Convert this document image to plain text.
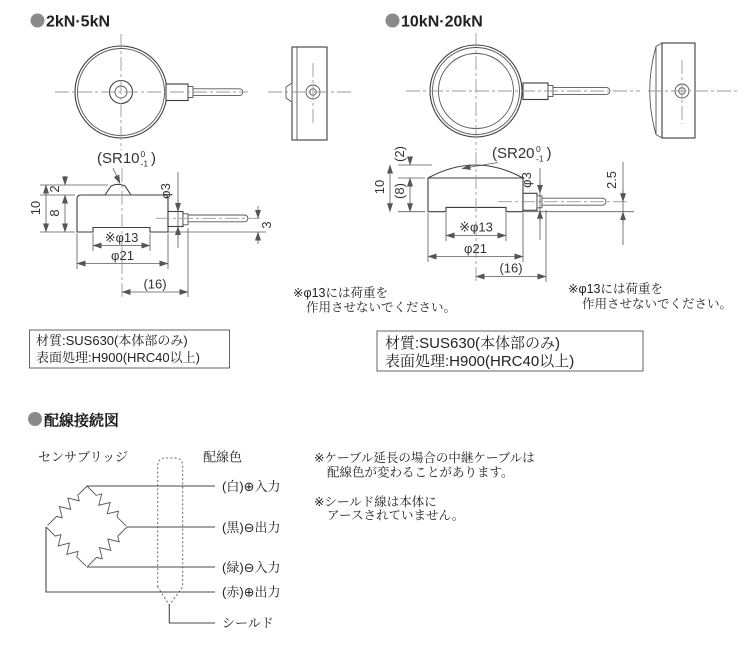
2kN·5kN
(SR10 0
-1 )
10 8
2	φ3
3
※φ13
φ21
(16)
※φ13には荷重を
作用させないでください。
材質:SUS630(本体部のみ)
表面処理:H900(HRC40以上)
10kN·20kN
(SR20 0
-1 )
10
(2)
(8)
φ3	2.5
※φ13
φ21
(16)
※φ13には荷重を
作用させないでください。
材質:SUS630(本体部のみ)
表面処理:H900(HRC40以上)
配線接続図
センサブリッジ	配線色
(白)⊕入力
(黒)⊖出力
(緑)⊖入力
(赤)⊕出力
シールド
※ケーブル延長の場合の中継ケーブルは
配線色が変わることがあります。
※シールド線は本体に
アースされていません。
